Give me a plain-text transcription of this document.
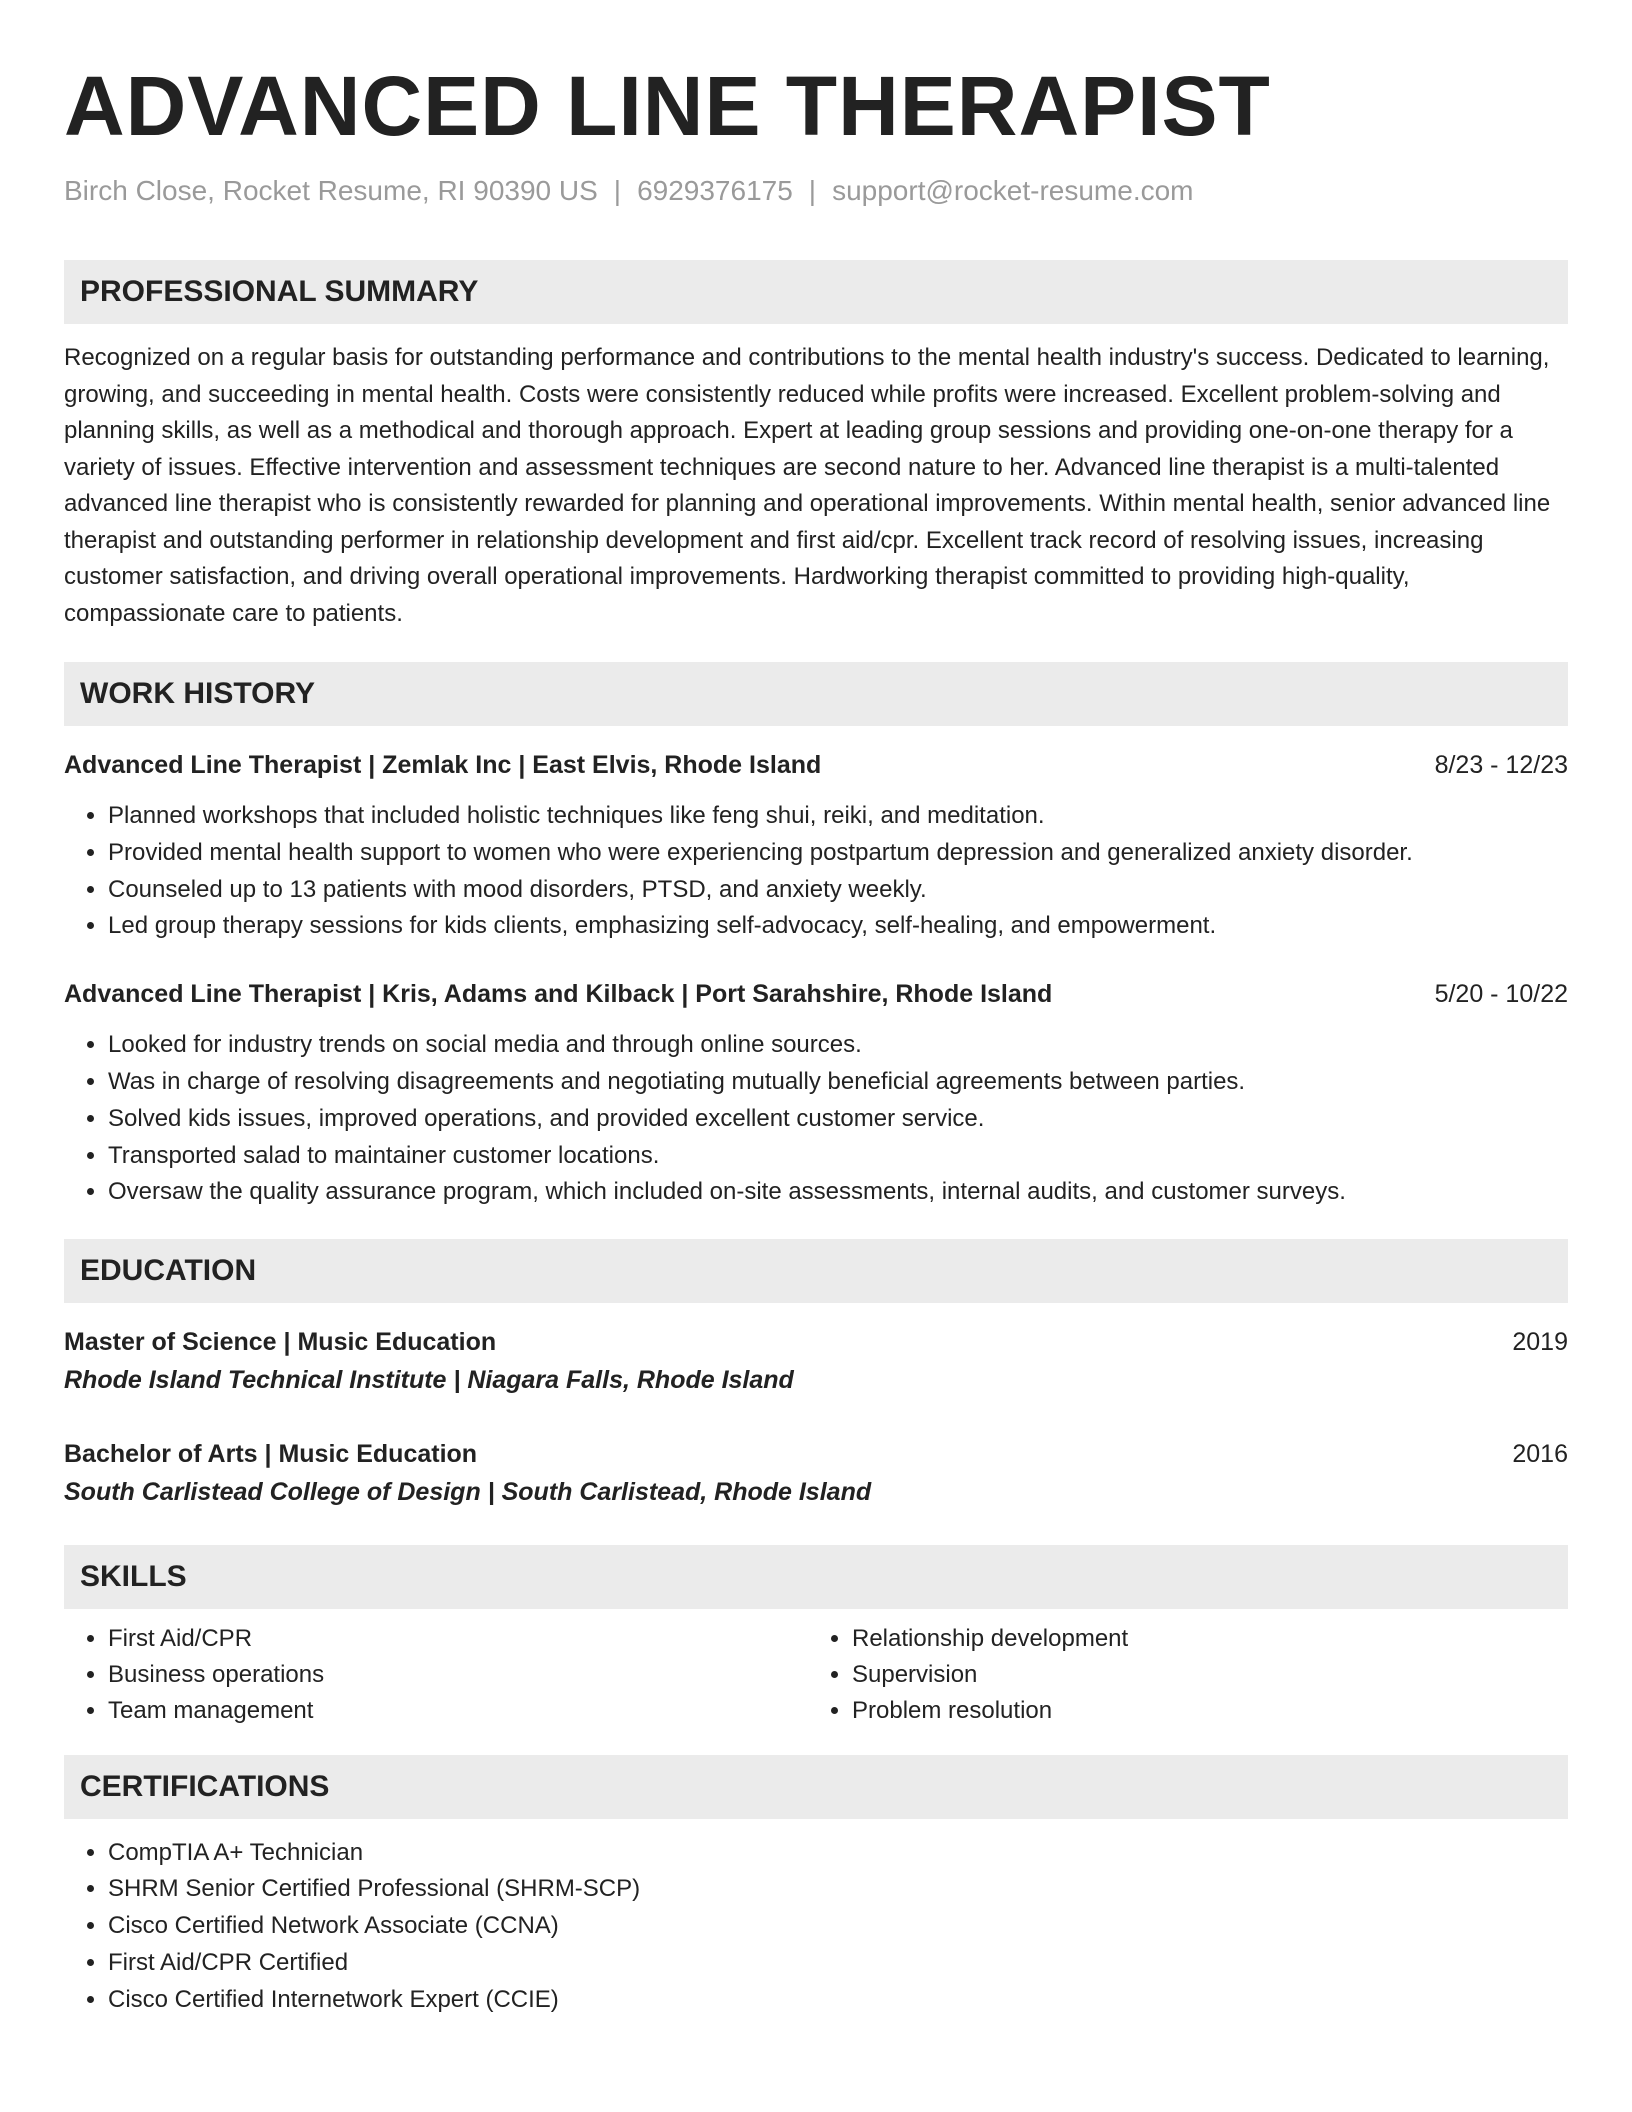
ADVANCED LINE THERAPIST
Birch Close, Rocket Resume, RI 90390 US | 6929376175 | support@rocket-resume.com
PROFESSIONAL SUMMARY

Recognized on a regular basis for outstanding performance and contributions to the mental health industry's success. Dedicated to learning, growing, and succeeding in mental health. Costs were consistently reduced while profits were increased. Excellent problem-solving and planning skills, as well as a methodical and thorough approach. Expert at leading group sessions and providing one-on-one therapy for a variety of issues. Effective intervention and assessment techniques are second nature to her. Advanced line therapist is a multi-talented advanced line therapist who is consistently rewarded for planning and operational improvements. Within mental health, senior advanced line therapist and outstanding performer in relationship development and first aid/cpr. Excellent track record of resolving issues, increasing customer satisfaction, and driving overall operational improvements. Hardworking therapist committed to providing high-quality, compassionate care to patients.

WORK HISTORY
Advanced Line Therapist | Zemlak Inc | East Elvis, Rhode Island	8/23 - 12/23
• Planned workshops that included holistic techniques like feng shui, reiki, and meditation.
• Provided mental health support to women who were experiencing postpartum depression and generalized anxiety disorder.
• Counseled up to 13 patients with mood disorders, PTSD, and anxiety weekly.
• Led group therapy sessions for kids clients, emphasizing self-advocacy, self-healing, and empowerment.
Advanced Line Therapist | Kris, Adams and Kilback | Port Sarahshire, Rhode Island	5/20 - 10/22
• Looked for industry trends on social media and through online sources.
• Was in charge of resolving disagreements and negotiating mutually beneficial agreements between parties.
• Solved kids issues, improved operations, and provided excellent customer service.
• Transported salad to maintainer customer locations.
• Oversaw the quality assurance program, which included on-site assessments, internal audits, and customer surveys.
EDUCATION
Master of Science | Music Education	2019
Rhode Island Technical Institute | Niagara Falls, Rhode Island
Bachelor of Arts | Music Education	2016
South Carlistead College of Design | South Carlistead, Rhode Island
SKILLS
• First Aid/CPR
• Business operations
• Team management
• Relationship development
• Supervision
• Problem resolution
CERTIFICATIONS
• CompTIA A+ Technician
• SHRM Senior Certified Professional (SHRM-SCP)
• Cisco Certified Network Associate (CCNA)
• First Aid/CPR Certified
• Cisco Certified Internetwork Expert (CCIE)
